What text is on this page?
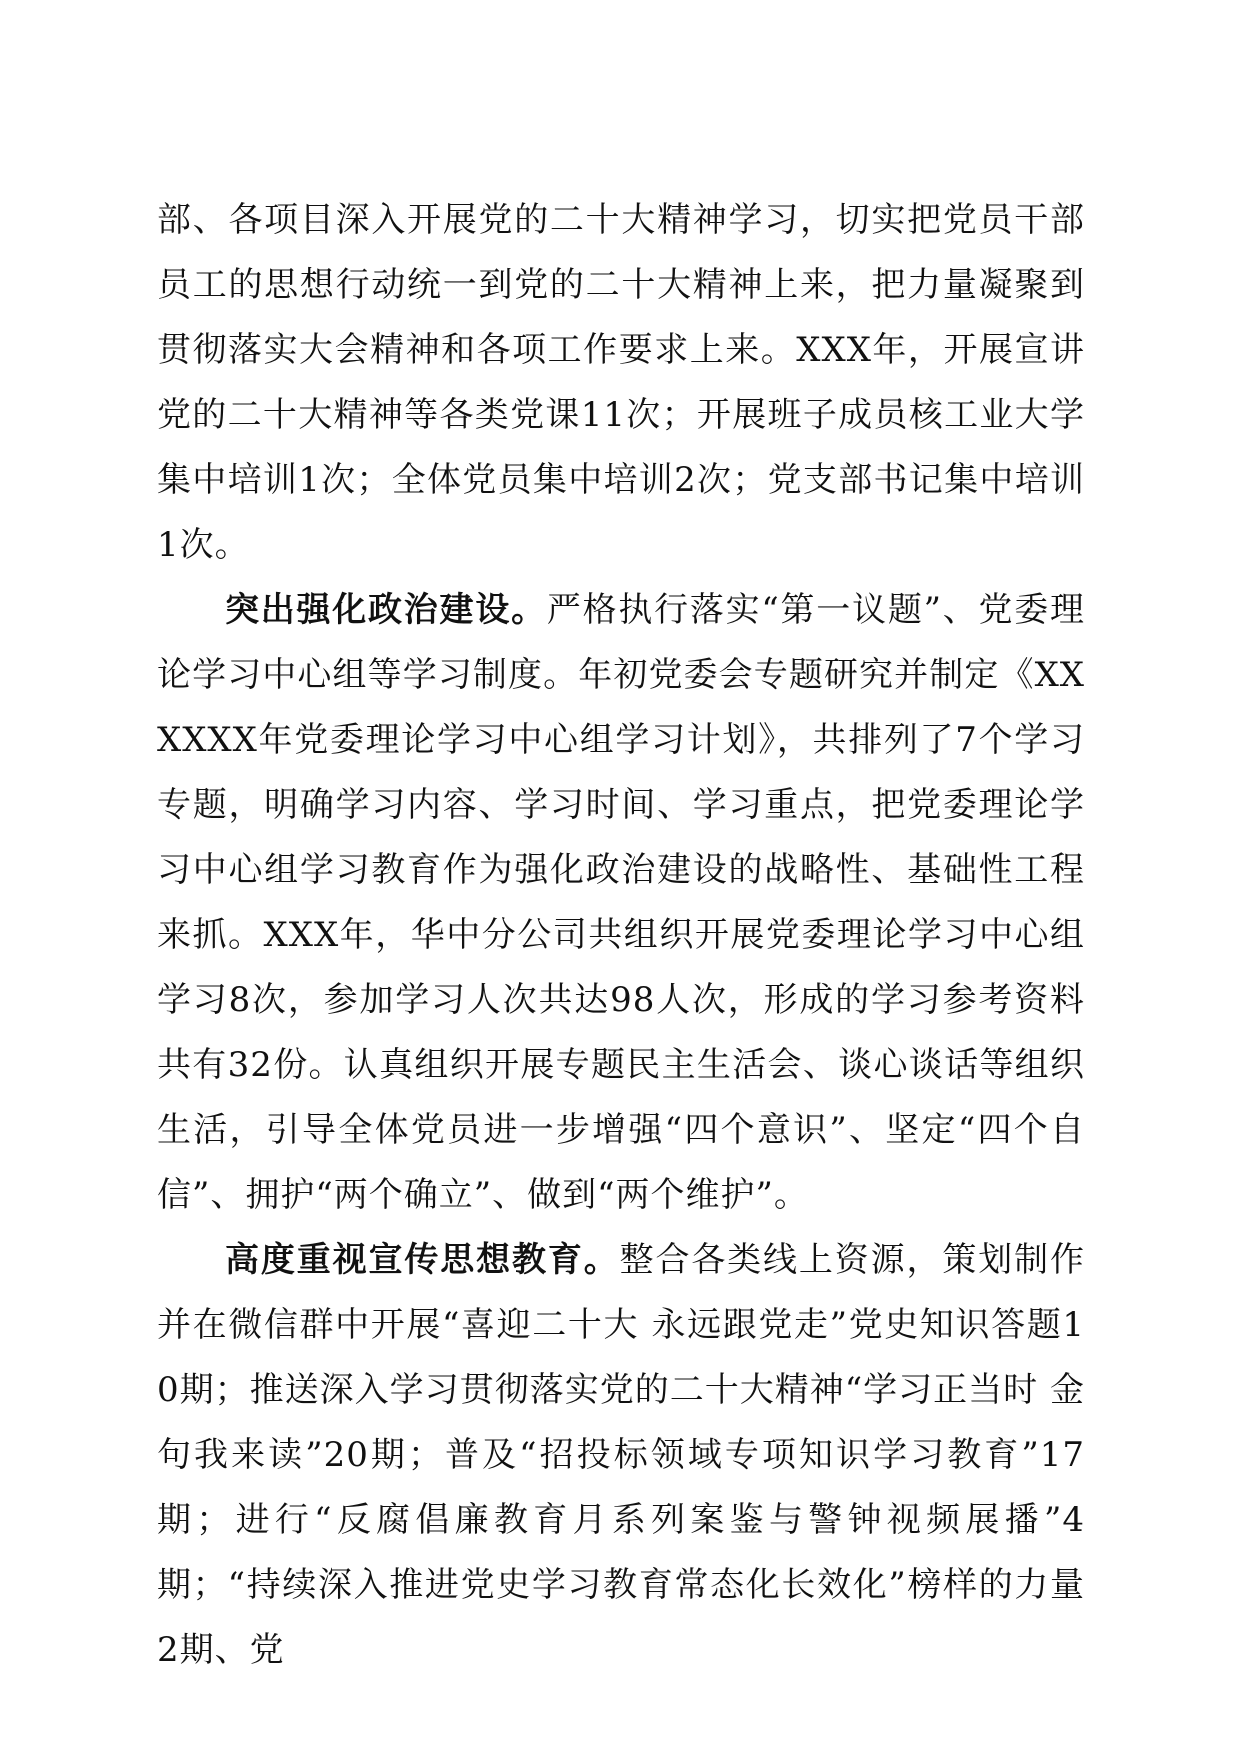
部、各项目深入开展党的二十大精神学习，切实把党员干部员工的思想行动统一到党的二十大精神上来，把力量凝聚到贯彻落实大会精神和各项工作要求上来。XXX年，开展宣讲党的二十大精神等各类党课11次；开展班子成员核工业大学集中培训1次；全体党员集中培训2次；党支部书记集中培训1次。

突出强化政治建设。严格执行落实“第一议题”、党委理论学习中心组等学习制度。年初党委会专题研究并制定《XXXXXX年党委理论学习中心组学习计划》，共排列了7个学习专题，明确学习内容、学习时间、学习重点，把党委理论学习中心组学习教育作为强化政治建设的战略性、基础性工程来抓。XXX年，华中分公司共组织开展党委理论学习中心组学习8次，参加学习人次共达98人次，形成的学习参考资料共有32份。认真组织开展专题民主生活会、谈心谈话等组织生活，引导全体党员进一步增强“四个意识”、坚定“四个自信”、拥护“两个确立”、做到“两个维护”。

高度重视宣传思想教育。整合各类线上资源，策划制作并在微信群中开展“喜迎二十大 永远跟党走”党史知识答题10期；推送深入学习贯彻落实党的二十大精神“学习正当时 金句我来读”20期；普及“招投标领域专项知识学习教育”17期；进行“反腐倡廉教育月系列案鉴与警钟视频展播”4期；“持续深入推进党史学习教育常态化长效化”榜样的力量2期、党
